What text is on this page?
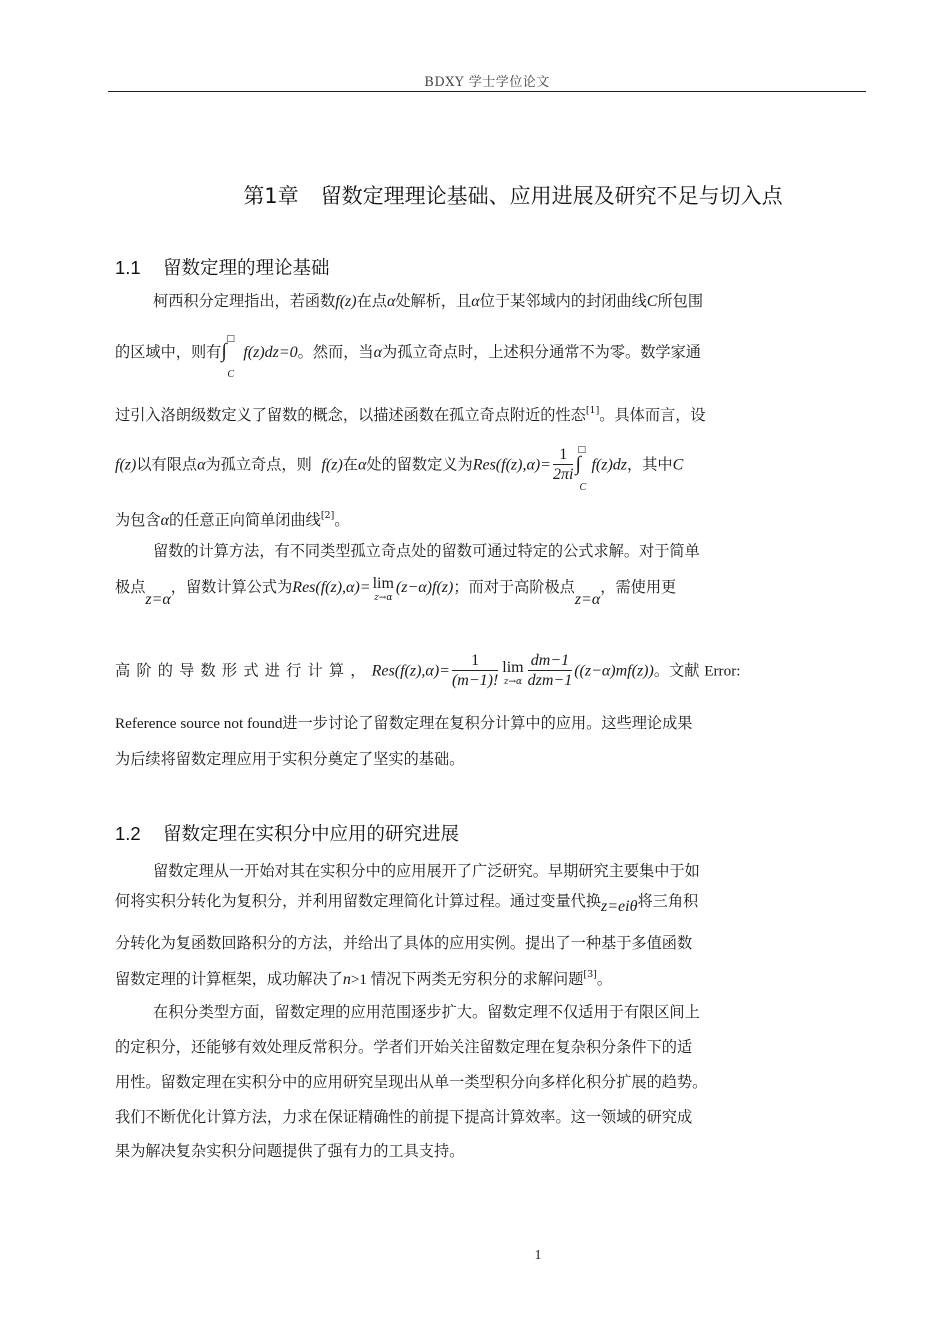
BDXY 学士学位论文
第1章 留数定理理论基础、应用进展及研究不足与切入点
1.1 留数定理的理论基础
柯西积分定理指出，若函数f(z)在点α处解析，且α位于某邻域内的封闭曲线C所包围
的区域中，则有
□
∫
C
f(z)dz=0。然而，当α为孤立奇点时，上述积分通常不为零。数学家通
过引入洛朗级数定义了留数的概念，以描述函数在孤立奇点附近的性态[1]。具体而言，设
f(z)以有限点α为孤立奇点，则 f(z)在α处的留数定义为$Res(f(z),\alpha)= \frac{1}{2\pi i}$ □
∫
C
f(z)dz，其中C
为包含α的任意正向简单闭曲线[2]。
留数的计算方法，有不同类型孤立奇点处的留数可通过特定的公式求解。对于简单
极点z=α，留数计算公式为Res(f(z),α)= lim
z→α
(z−α)f(z)；而对于高阶极点z=α，需使用更
高阶的导数形式进行计算，$Res(f(z),\alpha)= \frac{1}{(m-1)!}$ lim
$z\to\alpha \frac{dm-1}{\text{dzm−1}} ((z-\alpha)mf(z))$。文献 Error:
Reference source not found进一步讨论了留数定理在复积分计算中的应用。这些理论成果
为后续将留数定理应用于实积分奠定了坚实的基础。
1.2 留数定理在实积分中应用的研究进展
留数定理从一开始对其在实积分中的应用展开了广泛研究。早期研究主要集中于如
何将实积分转化为复积分，并利用留数定理简化计算过程。通过变量代换z=eiθ将三角积
分转化为复函数回路积分的方法，并给出了具体的应用实例。提出了一种基于多值函数
留数定理的计算框架，成功解决了n>1 情况下两类无穷积分的求解问题[3]。
在积分类型方面，留数定理的应用范围逐步扩大。留数定理不仅适用于有限区间上
的定积分，还能够有效处理反常积分。学者们开始关注留数定理在复杂积分条件下的适
用性。留数定理在实积分中的应用研究呈现出从单一类型积分向多样化积分扩展的趋势。
我们不断优化计算方法，力求在保证精确性的前提下提高计算效率。这一领域的研究成
果为解决复杂实积分问题提供了强有力的工具支持。
1
